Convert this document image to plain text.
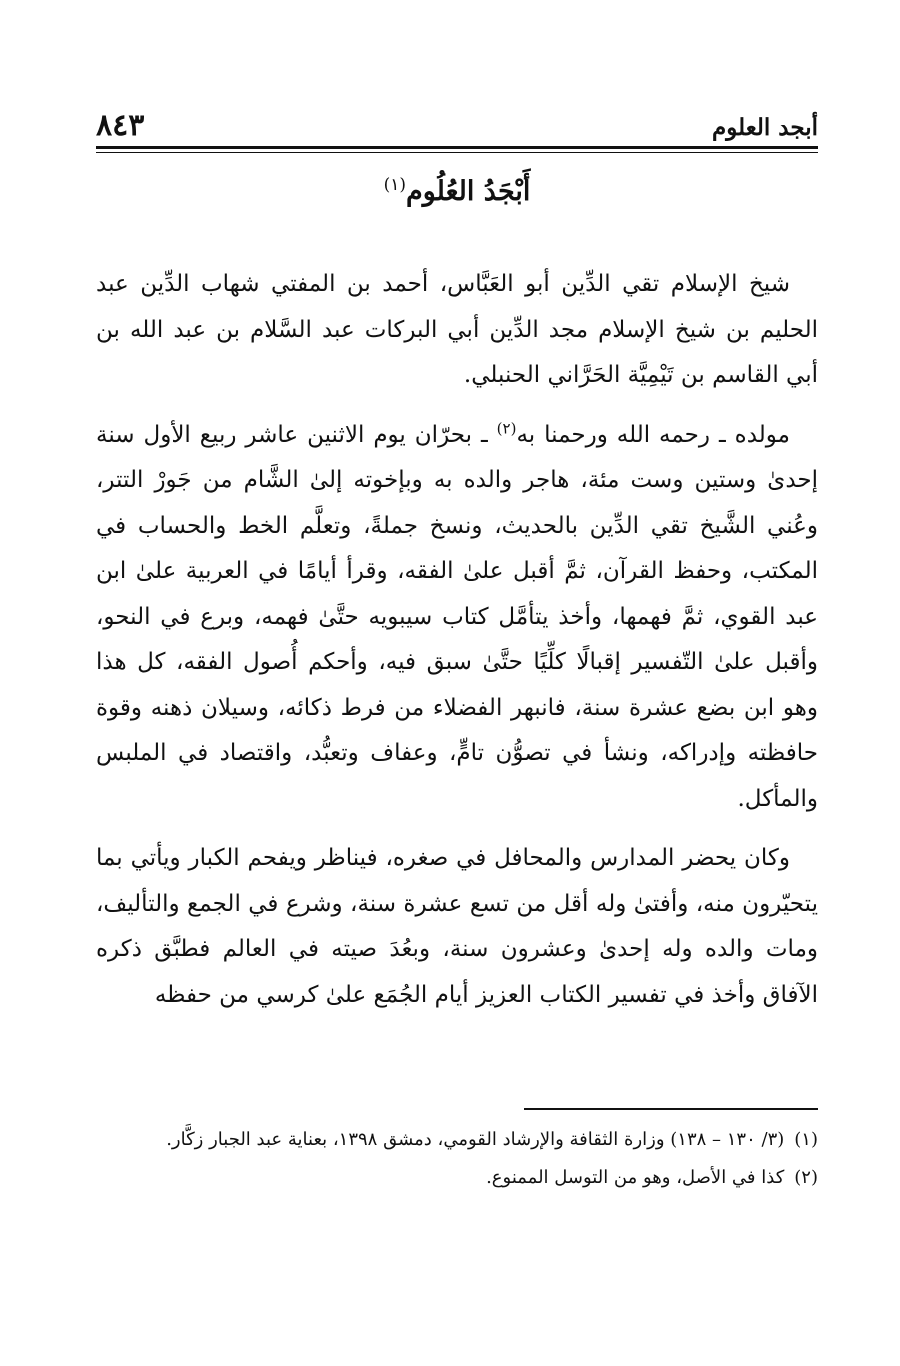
أبجد العلوم
٨٤٣
أَبْجَدُ العُلُوم$^{(١)}$

شيخ الإسلام تقي الدِّين أبو العَبَّاس، أحمد بن المفتي شهاب الدِّين عبد الحليم بن شيخ الإسلام مجد الدِّين أبي البركات عبد السَّلام بن عبد الله بن أبي القاسم بن تَيْمِيَّة الحَرَّاني الحنبلي.

مولده ـ رحمه الله ورحمنا به$^{(٢)}$ ـ بحرّان يوم الاثنين عاشر ربيع الأول سنة إحدىٰ وستين وست مئة، هاجر والده به وبإخوته إلىٰ الشَّام من جَورْ التتر، وعُني الشَّيخ تقي الدِّين بالحديث، ونسخ جملةً، وتعلَّم الخط والحساب في المكتب، وحفظ القرآن، ثمَّ أقبل علىٰ الفقه، وقرأ أيامًا في العربية علىٰ ابن عبد القوي، ثمَّ فهمها، وأخذ يتأمَّل كتاب سيبويه حتَّىٰ فهمه، وبرع في النحو، وأقبل علىٰ التّفسير إقبالًا كلِّيًا حتَّىٰ سبق فيه، وأحكم أُصول الفقه، كل هذا وهو ابن بضع عشرة سنة، فانبهر الفضلاء من فرط ذكائه، وسيلان ذهنه وقوة حافظته وإدراكه، ونشأ في تصوُّن تامٍّ، وعفاف وتعبُّد، واقتصاد في الملبس والمأكل.

وكان يحضر المدارس والمحافل في صغره، فيناظر ويفحم الكبار ويأتي بما يتحيّرون منه، وأفتىٰ وله أقل من تسع عشرة سنة، وشرع في الجمع والتأليف، ومات والده وله إحدىٰ وعشرون سنة، وبعُدَ صيته في العالم فطبَّق ذكره الآفاق وأخذ في تفسير الكتاب العزيز أيام الجُمَع علىٰ كرسي من حفظه

(١)(٣/ ١٣٠ – ١٣٨) وزارة الثقافة والإرشاد القومي، دمشق ١٣٩٨، بعناية عبد الجبار زكَّار.
(٢)كذا في الأصل، وهو من التوسل الممنوع.
